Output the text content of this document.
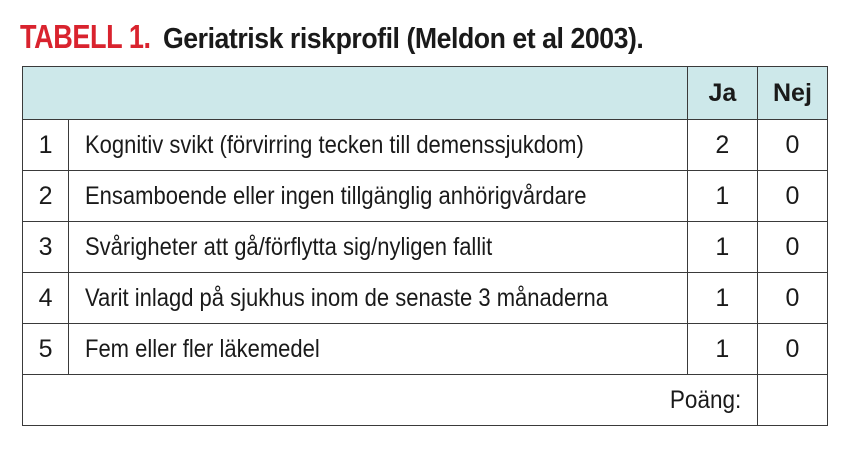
TABELL 1. Geriatrisk riskprofil (Meldon et al 2003).
		Ja	Nej
1	Kognitiv svikt (förvirring tecken till demenssjukdom)	2	0
2	Ensamboende eller ingen tillgänglig anhörigvårdare	1	0
3	Svårigheter att gå/förflytta sig/nyligen fallit	1	0
4	Varit inlagd på sjukhus inom de senaste 3 månaderna	1	0
5	Fem eller fler läkemedel	1	0
Poäng:			
